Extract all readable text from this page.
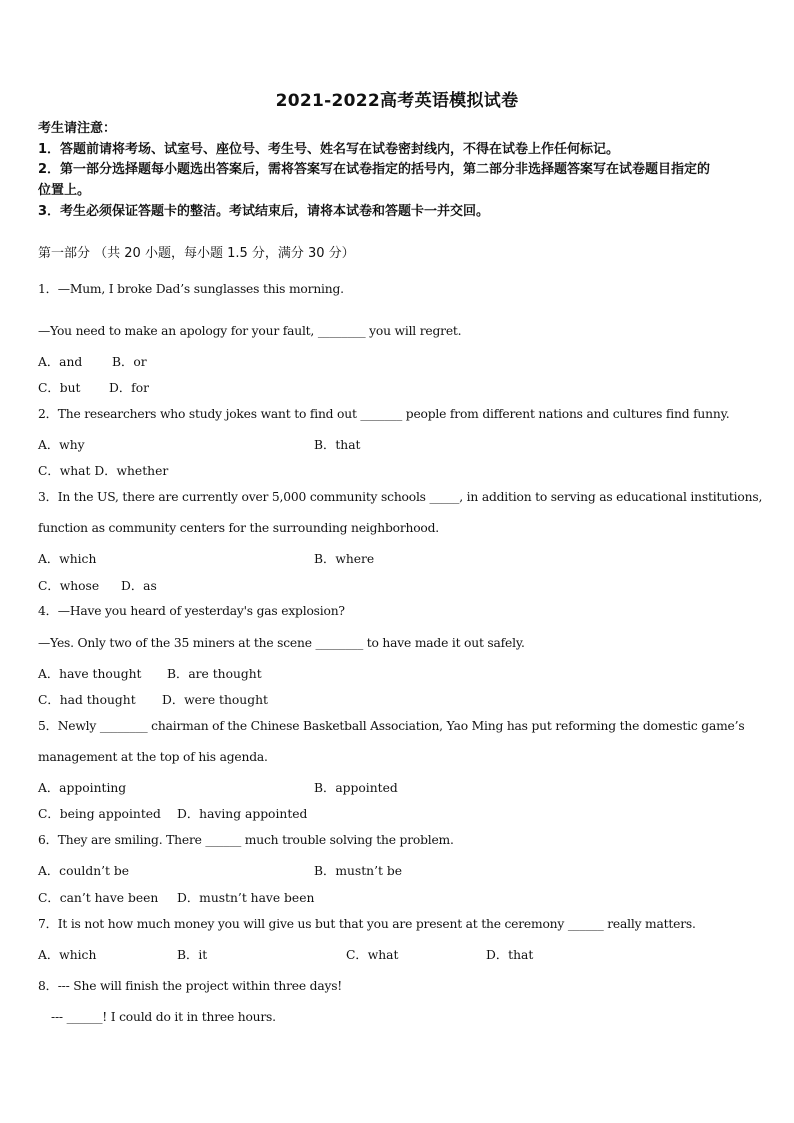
2021-2022高考英语模拟试卷
考生请注意：
1．答题前请将考场、试室号、座位号、考生号、姓名写在试卷密封线内，不得在试卷上作任何标记。
2．第一部分选择题每小题选出答案后，需将答案写在试卷指定的括号内，第二部分非选择题答案写在试卷题目指定的
位置上。
3．考生必须保证答题卡的整洁。考试结束后，请将本试卷和答题卡一并交回。
第一部分 （共 20 小题，每小题 1.5 分，满分 30 分）
1．—Mum, I broke Dad’s sunglasses this morning.
—You need to make an apology for your fault, ________ you will regret.
A．and B．or
C．but D．for
2．The researchers who study jokes want to find out _______ people from different nations and cultures find funny.
A．why	B．that
C．what D．whether
3．In the US, there are currently over 5,000 community schools _____, in addition to serving as educational institutions,
function as community centers for the surrounding neighborhood.
A．which	B．where
C．whose D．as
4．—Have you heard of yesterday's gas explosion?
—Yes. Only two of the 35 miners at the scene ________ to have made it out safely.
A．have thought B．are thought
C．had thought D．were thought
5．Newly ________ chairman of the Chinese Basketball Association, Yao Ming has put reforming the domestic game’s
management at the top of his agenda.
A．appointing	B．appointed
C．being appointed D．having appointed
6．They are smiling. There ______ much trouble solving the problem.
A．couldn’t be	B．mustn’t be
C．can’t have been D．mustn’t have been
7．It is not how much money you will give us but that you are present at the ceremony ______ really matters.
A．which	B．it	C．what	D．that
8．--- She will finish the project within three days!
--- ______! I could do it in three hours.
